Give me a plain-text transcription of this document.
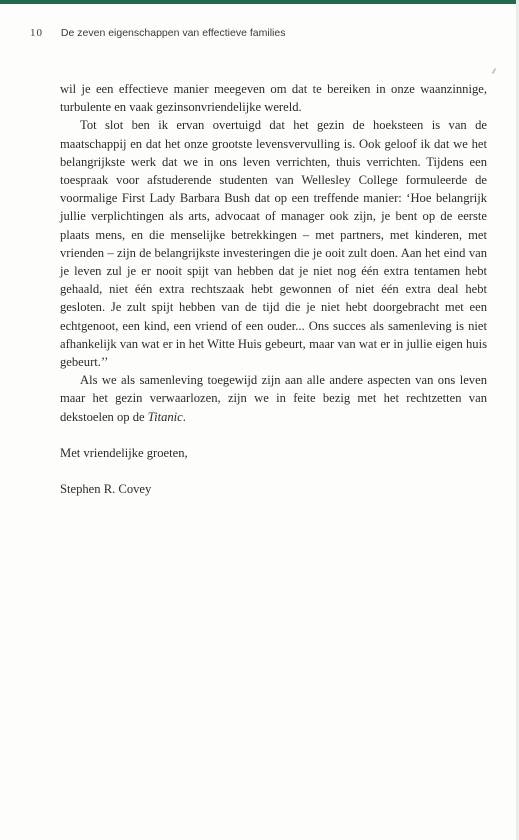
10 De zeven eigenschappen van effectieve families

wil je een effectieve manier meegeven om dat te bereiken in onze waanzinnige, turbulente en vaak gezinsonvriendelijke wereld.

Tot slot ben ik ervan overtuigd dat het gezin de hoeksteen is van de maatschappij en dat het onze grootste levensvervulling is. Ook geloof ik dat we het belangrijkste werk dat we in ons leven verrichten, thuis verrichten. Tijdens een toespraak voor afstuderende studenten van Wellesley College formuleerde de voormalige First Lady Barbara Bush dat op een treffende manier: ‘Hoe belangrijk jullie verplichtingen als arts, advocaat of manager ook zijn, je bent op de eerste plaats mens, en die menselijke betrekkingen – met partners, met kinderen, met vrienden – zijn de belangrijkste investeringen die je ooit zult doen. Aan het eind van je leven zul je er nooit spijt van hebben dat je niet nog één extra tentamen hebt gehaald, niet één extra rechtszaak hebt gewonnen of niet één extra deal hebt gesloten. Je zult spijt hebben van de tijd die je niet hebt doorgebracht met een echtgenoot, een kind, een vriend of een ouder... Ons succes als samenleving is niet afhankelijk van wat er in het Witte Huis gebeurt, maar van wat er in jullie eigen huis gebeurt.’’

Als we als samenleving toegewijd zijn aan alle andere aspecten van ons leven maar het gezin verwaarlozen, zijn we in feite bezig met het rechtzetten van dekstoelen op de Titanic.

Met vriendelijke groeten,

Stephen R. Covey
